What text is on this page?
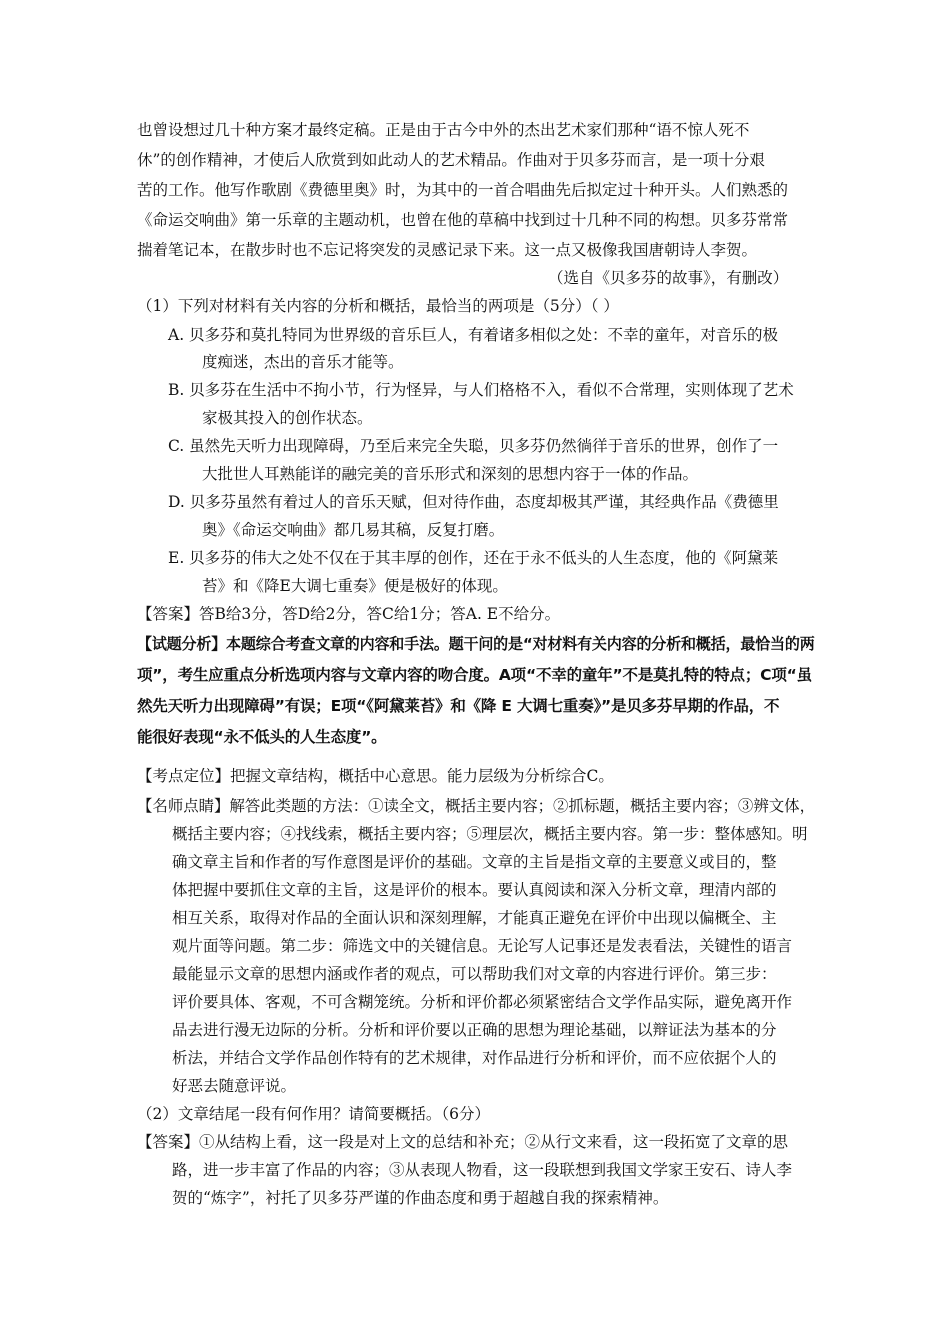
也曾设想过几十种方案才最终定稿。正是由于古今中外的杰出艺术家们那种“语不惊人死不
休”的创作精神，才使后人欣赏到如此动人的艺术精品。作曲对于贝多芬而言，是一项十分艰
苦的工作。他写作歌剧《费德里奥》时，为其中的一首合唱曲先后拟定过十种开头。人们熟悉的
《命运交响曲》第一乐章的主题动机，也曾在他的草稿中找到过十几种不同的构想。贝多芬常常
揣着笔记本，在散步时也不忘记将突发的灵感记录下来。这一点又极像我国唐朝诗人李贺。
（选自《贝多芬的故事》，有删改）
（1）下列对材料有关内容的分析和概括，最恰当的两项是（5分）（ ）
A. 贝多芬和莫扎特同为世界级的音乐巨人，有着诸多相似之处：不幸的童年，对音乐的极
度痴迷，杰出的音乐才能等。
B. 贝多芬在生活中不拘小节，行为怪异，与人们格格不入，看似不合常理，实则体现了艺术
家极其投入的创作状态。
C. 虽然先天听力出现障碍，乃至后来完全失聪，贝多芬仍然徜徉于音乐的世界，创作了一
大批世人耳熟能详的融完美的音乐形式和深刻的思想内容于一体的作品。
D. 贝多芬虽然有着过人的音乐天赋，但对待作曲，态度却极其严谨，其经典作品《费德里
奥》《命运交响曲》都几易其稿，反复打磨。
E. 贝多芬的伟大之处不仅在于其丰厚的创作，还在于永不低头的人生态度，他的《阿黛莱
苔》和《降E大调七重奏》便是极好的体现。
【答案】答B给3分，答D给2分，答C给1分；答A. E不给分。
【试题分析】本题综合考查文章的内容和手法。题干问的是“对材料有关内容的分析和概括，最恰当的两
项”，考生应重点分析选项内容与文章内容的吻合度。A项“不幸的童年”不是莫扎特的特点；C项“虽
然先天听力出现障碍”有误；E项“《阿黛莱苔》和《降 E 大调七重奏》”是贝多芬早期的作品，不
能很好表现“永不低头的人生态度”。
【考点定位】把握文章结构，概括中心意思。能力层级为分析综合C。
【名师点睛】解答此类题的方法：①读全文，概括主要内容；②抓标题，概括主要内容；③辨文体，
概括主要内容；④找线索，概括主要内容；⑤理层次，概括主要内容。第一步：整体感知。明
确文章主旨和作者的写作意图是评价的基础。文章的主旨是指文章的主要意义或目的，整
体把握中要抓住文章的主旨，这是评价的根本。要认真阅读和深入分析文章，理清内部的
相互关系，取得对作品的全面认识和深刻理解，才能真正避免在评价中出现以偏概全、主
观片面等问题。第二步：筛选文中的关键信息。无论写人记事还是发表看法，关键性的语言
最能显示文章的思想内涵或作者的观点，可以帮助我们对文章的内容进行评价。第三步：
评价要具体、客观，不可含糊笼统。分析和评价都必须紧密结合文学作品实际，避免离开作
品去进行漫无边际的分析。分析和评价要以正确的思想为理论基础，以辩证法为基本的分
析法，并结合文学作品创作特有的艺术规律，对作品进行分析和评价，而不应依据个人的
好恶去随意评说。
（2）文章结尾一段有何作用？请简要概括。（6分）
【答案】①从结构上看，这一段是对上文的总结和补充；②从行文来看，这一段拓宽了文章的思
路，进一步丰富了作品的内容；③从表现人物看，这一段联想到我国文学家王安石、诗人李
贺的“炼字”，衬托了贝多芬严谨的作曲态度和勇于超越自我的探索精神。
